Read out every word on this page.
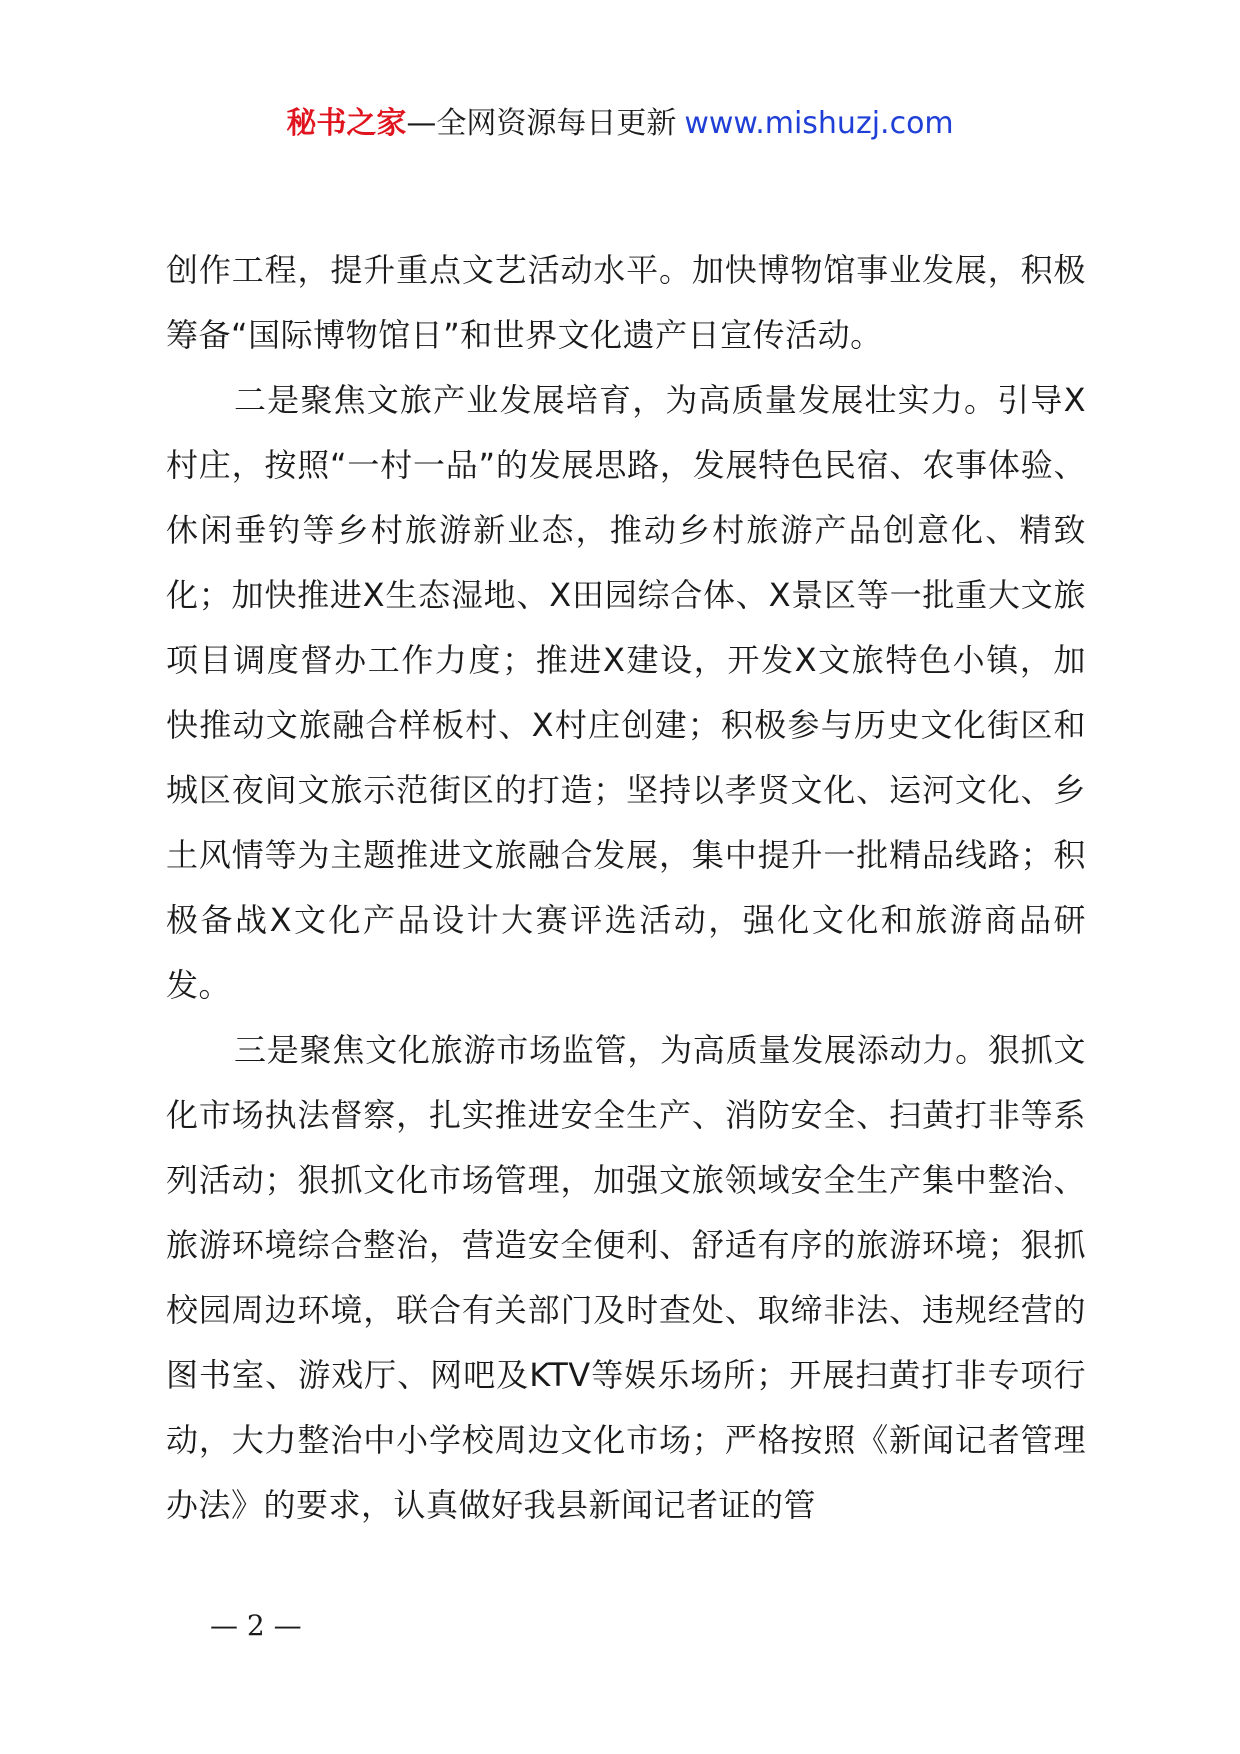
秘书之家—全网资源每日更新 www.mishuzj.com

创作工程，提升重点文艺活动水平。加快博物馆事业发展，积极筹备“国际博物馆日”和世界文化遗产日宣传活动。

二是聚焦文旅产业发展培育，为高质量发展壮实力。引导X村庄，按照“一村一品”的发展思路，发展特色民宿、农事体验、休闲垂钓等乡村旅游新业态，推动乡村旅游产品创意化、精致化；加快推进X生态湿地、X田园综合体、X景区等一批重大文旅项目调度督办工作力度；推进X建设，开发X文旅特色小镇，加快推动文旅融合样板村、X村庄创建；积极参与历史文化街区和城区夜间文旅示范街区的打造；坚持以孝贤文化、运河文化、乡土风情等为主题推进文旅融合发展，集中提升一批精品线路；积极备战X文化产品设计大赛评选活动，强化文化和旅游商品研发。

三是聚焦文化旅游市场监管，为高质量发展添动力。狠抓文化市场执法督察，扎实推进安全生产、消防安全、扫黄打非等系列活动；狠抓文化市场管理，加强文旅领域安全生产集中整治、旅游环境综合整治，营造安全便利、舒适有序的旅游环境；狠抓校园周边环境，联合有关部门及时查处、取缔非法、违规经营的图书室、游戏厅、网吧及KTV等娱乐场所；开展扫黄打非专项行动，大力整治中小学校周边文化市场；严格按照《新闻记者管理办法》的要求，认真做好我县新闻记者证的管

— 2 —
